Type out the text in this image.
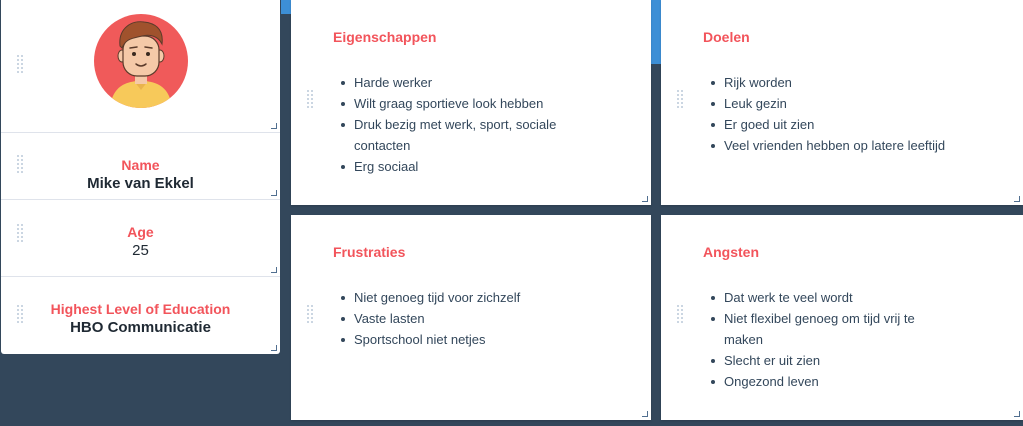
Name
Mike van Ekkel
Age
25
Highest Level of Education
HBO Communicatie
Eigenschappen
Harde werker
Wilt graag sportieve look hebben
Druk bezig met werk, sport, sociale
contacten
Erg sociaal
Doelen
Rijk worden
Leuk gezin
Er goed uit zien
Veel vrienden hebben op latere leeftijd
Frustraties
Niet genoeg tijd voor zichzelf
Vaste lasten
Sportschool niet netjes
Angsten
Dat werk te veel wordt
Niet flexibel genoeg om tijd vrij te
maken
Slecht er uit zien
Ongezond leven
